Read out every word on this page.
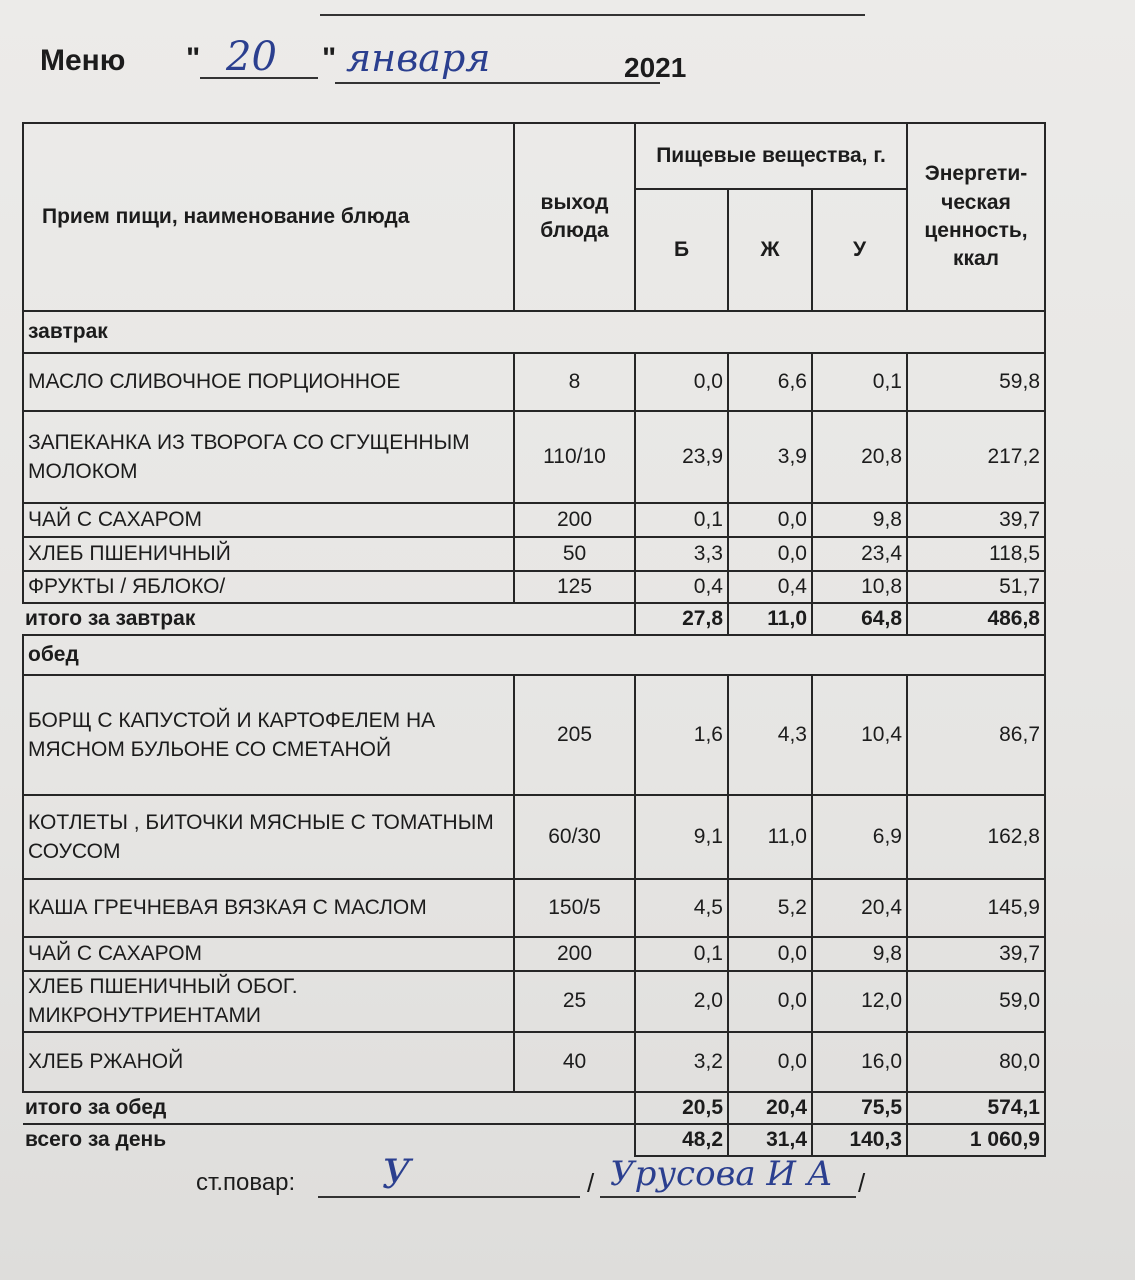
Меню " 20 " января	2021
Прием пищи, наименование блюда	выход блюда	Пищевые вещества, г.			Энергети-ческая ценность, ккал
		Б	Ж	У	
завтрак					
МАСЛО СЛИВОЧНОЕ ПОРЦИОННОЕ	8	0,0	6,6	0,1	59,8
ЗАПЕКАНКА ИЗ ТВОРОГА СО СГУЩЕННЫМ МОЛОКОМ	110/10	23,9	3,9	20,8	217,2
ЧАЙ С САХАРОМ	200	0,1	0,0	9,8	39,7
ХЛЕБ ПШЕНИЧНЫЙ	50	3,3	0,0	23,4	118,5
ФРУКТЫ / ЯБЛОКО/	125	0,4	0,4	10,8	51,7
итого за завтрак		27,8	11,0	64,8	486,8
обед					
БОРЩ С КАПУСТОЙ И КАРТОФЕЛЕМ НА МЯСНОМ БУЛЬОНЕ СО СМЕТАНОЙ	205	1,6	4,3	10,4	86,7
КОТЛЕТЫ , БИТОЧКИ МЯСНЫЕ С ТОМАТНЫМ СОУСОМ	60/30	9,1	11,0	6,9	162,8
КАША ГРЕЧНЕВАЯ ВЯЗКАЯ С МАСЛОМ	150/5	4,5	5,2	20,4	145,9
ЧАЙ С САХАРОМ	200	0,1	0,0	9,8	39,7
ХЛЕБ ПШЕНИЧНЫЙ ОБОГ. МИКРОНУТРИЕНТАМИ	25	2,0	0,0	12,0	59,0
ХЛЕБ РЖАНОЙ	40	3,2	0,0	16,0	80,0
итого за обед		20,5	20,4	75,5	574,1
всего за день		48,2	31,4	140,3	1 060,9
ст.повар: У	/ Урусова И А /
